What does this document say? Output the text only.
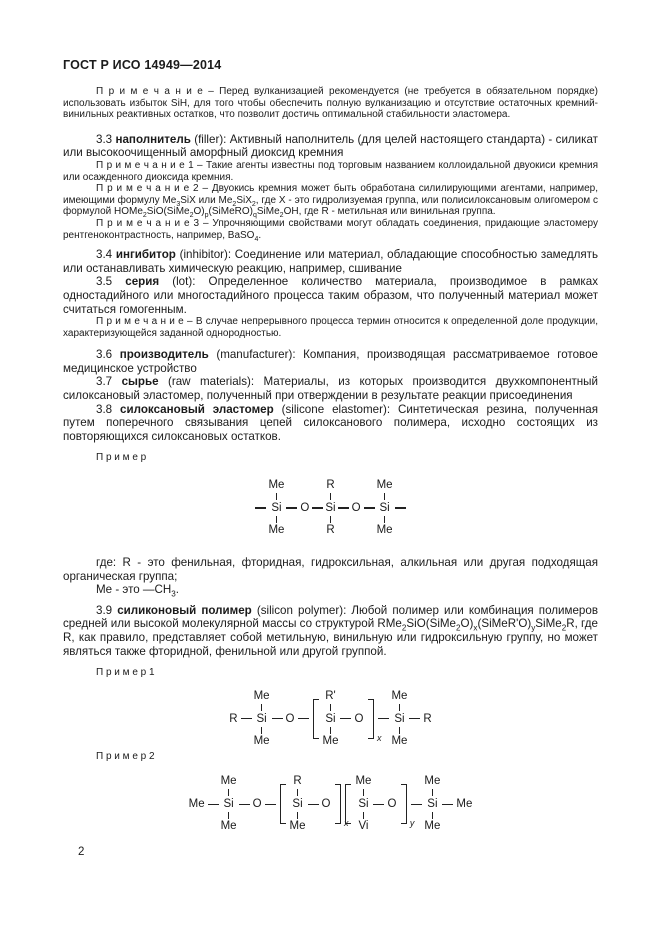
ГОСТ Р ИСО 14949—2014

П р и м е ч а н и е – Перед вулканизацией рекомендуется (не требуется в обязательном порядке) использовать избыток SiH, для того чтобы обеспечить полную вулканизацию и отсутствие остаточных кремний-винильных реактивных остатков, что позволит достичь оптимальной стабильности эластомера.

3.3 наполнитель (filler): Активный наполнитель (для целей настоящего стандарта) - силикат или высокоочищенный аморфный диоксид кремния

П р и м е ч а н и е 1 – Такие агенты известны под торговым названием коллоидальной двуокиси кремния или осажденного диоксида кремния.

П р и м е ч а н и е 2 – Двуокись кремния может быть обработана силилирующими агентами, например, имеющими формулу $Me_3SiX$ или $Me_2SiX_2$, где X - это гидролизуемая группа, или полисилоксановым олигомером с формулой $HOMe_2SiO(SiMe_2O)_p(SiMeRO)_qSiMe_2OH$, где R - метильная или винильная группа.

П р и м е ч а н и е 3 – Упрочняющими свойствами могут обладать соединения, придающие эластомеру рентгеноконтрастность, например, BaSO$_4$.

3.4 ингибитор (inhibitor): Соединение или материал, обладающие способностью замедлять или останавливать химическую реакцию, например, сшивание

3.5 серия (lot): Определенное количество материала, производимое в рамках одностадийного или многостадийного процесса таким образом, что полученный материал может считаться гомогенным.

П р и м е ч а н и е – В случае непрерывного процесса термин относится к определенной доле продукции, характеризующейся заданной однородностью.

3.6 производитель (manufacturer): Компания, производящая рассматриваемое готовое медицинское устройство

3.7 сырье (raw materials): Материалы, из которых производится двухкомпонентный силоксановый эластомер, полученный при отверждении в результате реакции присоединения

3.8 силоксановый эластомер (silicone elastomer): Синтетическая резина, полученная путем поперечного связывания цепей силоксанового полимера, исходно состоящих из повторяющихся силоксановых остатков.

П р и м е р

Me
Si
Me
O
R
Si
R
O
Me
Si
Me

где: R - это фенильная, фторидная, гидроксильная, алкильная или другая подходящая органическая группа;

Me - это $—CH_3$.

3.9 силиконовый полимер (silicon polymer): Любой полимер или комбинация полимеров средней или высокой молекулярной массы со структурой $RMe_2SiO(SiMe_2O)_x(SiMeR'O)_ySiMe_2R$, где R, как правило, представляет собой метильную, винильную или гидроксильную группу, но может являться также фторидной, фенильной или другой группой.

П р и м е р 1

R
Me
Si
Me
O
R'
Si
Me
O
x
Me
Si
Me
R

П р и м е р 2

Me
Me
Si
Me
O
R
Si
Me
O
x
Me
Si
Vi
O
y
Me
Si
Me
Me
2
